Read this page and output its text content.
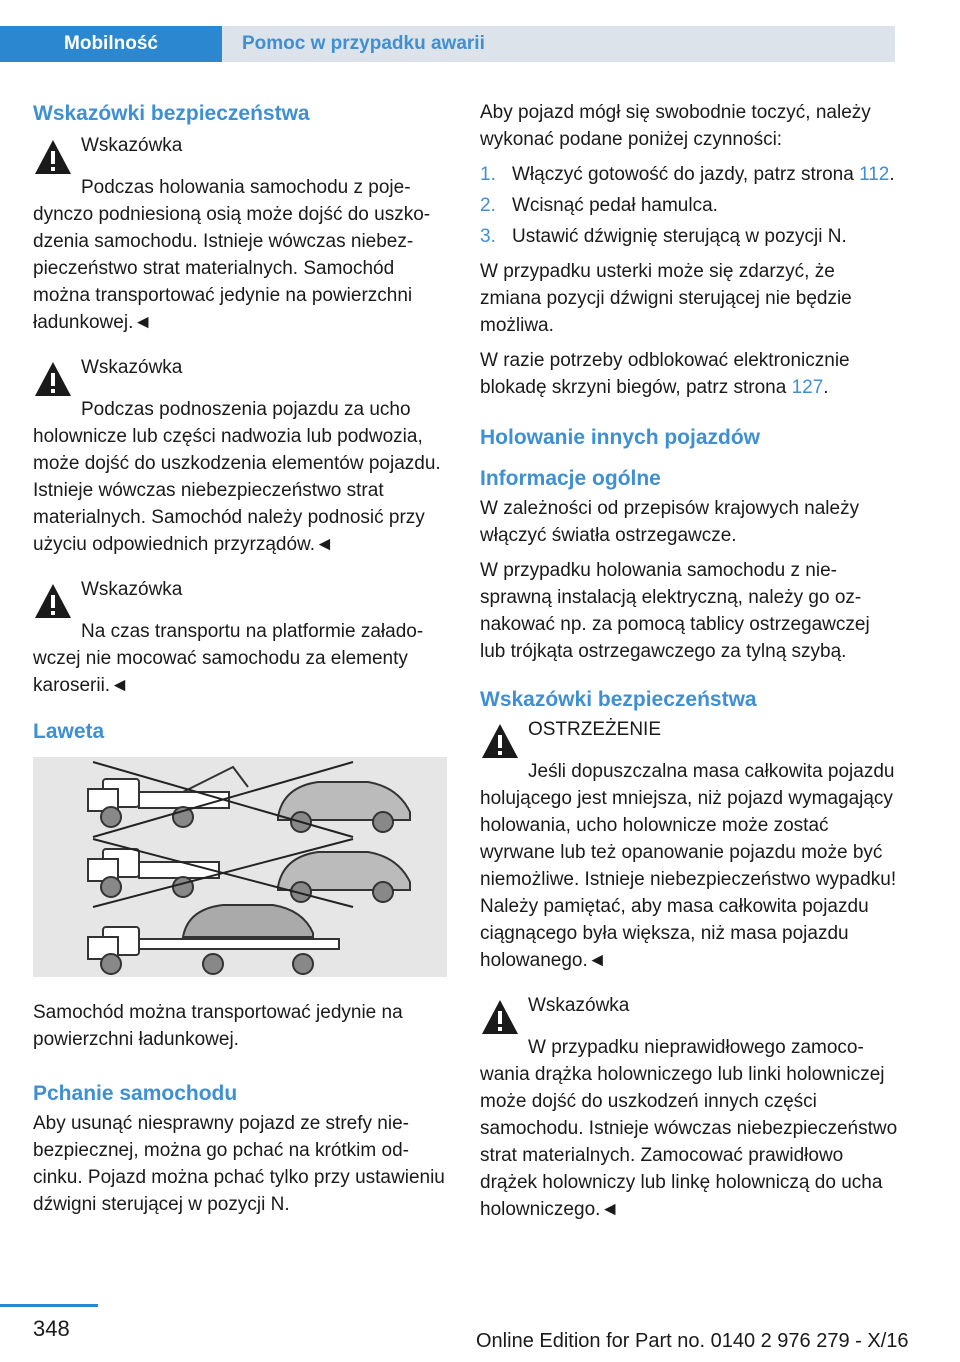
Mobilność	Pomoc w przypadku awarii
Wskazówki bezpieczeństwa
Wskazówka

Podczas holowania samochodu z pojedynczo podniesioną osią może dojść do uszkodzenia samochodu. Istnieje wówczas niebezpieczeństwo strat materialnych. Samochód można transportować jedynie na powierzchni ładunkowej.◄

Wskazówka

Podczas podnoszenia pojazdu za ucho holownicze lub części nadwozia lub podwozia, może dojść do uszkodzenia elementów pojazdu. Istnieje wówczas niebezpieczeństwo strat materialnych. Samochód należy podnosić przy użyciu odpowiednich przyrządów.◄

Wskazówka

Na czas transportu na platformie załadowczej nie mocować samochodu za elementy karoserii.◄

Laweta

Samochód można transportować jedynie na powierzchni ładunkowej.

Pchanie samochodu

Aby usunąć niesprawny pojazd ze strefy niebezpiecznej, można go pchać na krótkim odcinku. Pojazd można pchać tylko przy ustawieniu dźwigni sterującej w pozycji N.

Aby pojazd mógł się swobodnie toczyć, należy wykonać podane poniżej czynności:

1. Włączyć gotowość do jazdy, patrz strona 112.
2. Wcisnąć pedał hamulca.
3. Ustawić dźwignię sterującą w pozycji N.

W przypadku usterki może się zdarzyć, że zmiana pozycji dźwigni sterującej nie będzie możliwa.

W razie potrzeby odblokować elektronicznie blokadę skrzyni biegów, patrz strona 127.

Holowanie innych pojazdów
Informacje ogólne

W zależności od przepisów krajowych należy włączyć światła ostrzegawcze.

W przypadku holowania samochodu z niesprawną instalacją elektryczną, należy go oznakować np. za pomocą tablicy ostrzegawczej lub trójkąta ostrzegawczego za tylną szybą.

Wskazówki bezpieczeństwa
OSTRZEŻENIE

Jeśli dopuszczalna masa całkowita pojazdu holującego jest mniejsza, niż pojazd wymagający holowania, ucho holownicze może zostać wyrwane lub też opanowanie pojazdu może być niemożliwe. Istnieje niebezpieczeństwo wypadku! Należy pamiętać, aby masa całkowita pojazdu ciągnącego była większa, niż masa pojazdu holowanego.◄

Wskazówka

W przypadku nieprawidłowego zamocowania drążka holowniczego lub linki holowniczej może dojść do uszkodzeń innych części samochodu. Istnieje wówczas niebezpieczeństwo strat materialnych. Zamocować prawidłowo drążek holowniczy lub linkę holowniczą do ucha holowniczego.◄

348	Online Edition for Part no. 0140 2 976 279 - X/16
